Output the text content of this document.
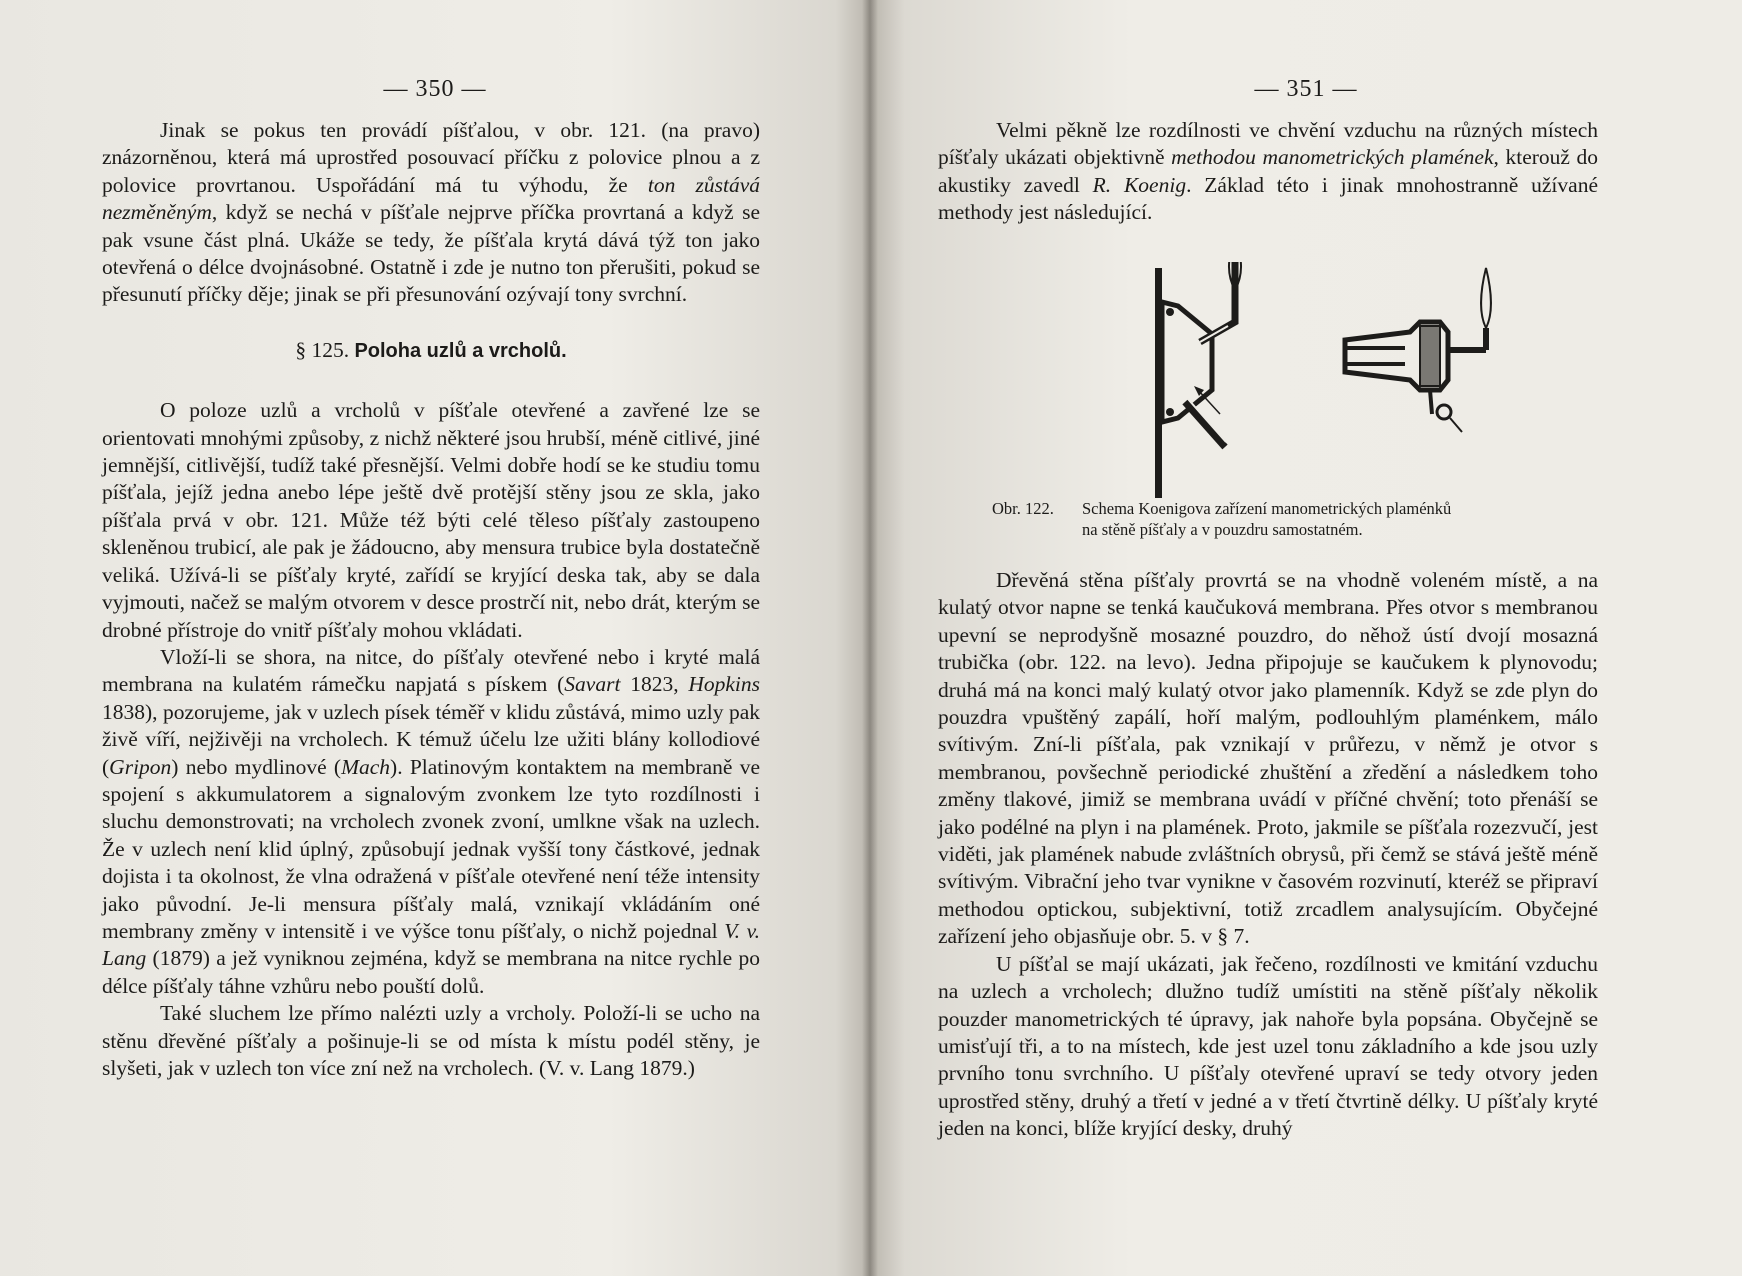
— 350 —

Jinak se pokus ten provádí píšťalou, v obr. 121. (na pravo) znázorněnou, která má uprostřed posouvací příčku z polovice plnou a z polovice provrtanou. Uspořádání má tu výhodu, že ton zůstává nezměněným, když se nechá v píšťale nejprve příčka provrtaná a když se pak vsune část plná. Ukáže se tedy, že píšťala krytá dává týž ton jako otevřená o délce dvojnásobné. Ostatně i zde je nutno ton přerušiti, pokud se přesunutí příčky děje; jinak se při přesunování ozývají tony svrchní.

§ 125. Poloha uzlů a vrcholů.

O poloze uzlů a vrcholů v píšťale otevřené a zavřené lze se orientovati mnohými způsoby, z nichž některé jsou hrubší, méně citlivé, jiné jemnější, citlivější, tudíž také přesnější. Velmi dobře hodí se ke studiu tomu píšťala, jejíž jedna anebo lépe ještě dvě protější stěny jsou ze skla, jako píšťala prvá v obr. 121. Může též býti celé těleso píšťaly zastoupeno skleněnou trubicí, ale pak je žádoucno, aby mensura trubice byla dostatečně veliká. Užívá-li se píšťaly kryté, zařídí se kryjící deska tak, aby se dala vyjmouti, načež se malým otvorem v desce prostrčí nit, nebo drát, kterým se drobné přístroje do vnitř píšťaly mohou vkládati.

Vloží-li se shora, na nitce, do píšťaly otevřené nebo i kryté malá membrana na kulatém rámečku napjatá s pískem (Savart 1823, Hopkins 1838), pozorujeme, jak v uzlech písek téměř v klidu zůstává, mimo uzly pak živě víří, nejživěji na vrcholech. K témuž účelu lze užiti blány kollodiové (Gripon) nebo mydlinové (Mach). Platinovým kontaktem na membraně ve spojení s akkumulatorem a signalovým zvonkem lze tyto rozdílnosti i sluchu demonstrovati; na vrcholech zvonek zvoní, umlkne však na uzlech. Že v uzlech není klid úplný, způsobují jednak vyšší tony částkové, jednak dojista i ta okolnost, že vlna odražená v píšťale otevřené není téže intensity jako původní. Je-li mensura píšťaly malá, vznikají vkládáním oné membrany změny v intensitě i ve výšce tonu píšťaly, o nichž pojednal V. v. Lang (1879) a jež vyniknou zejména, když se membrana na nitce rychle po délce píšťaly táhne vzhůru nebo pouští dolů.

Také sluchem lze přímo nalézti uzly a vrcholy. Položí-li se ucho na stěnu dřevěné píšťaly a pošinuje-li se od místa k místu podél stěny, je slyšeti, jak v uzlech ton více zní než na vrcholech. (V. v. Lang 1879.)

— 351 —

Velmi pěkně lze rozdílnosti ve chvění vzduchu na různých místech píšťaly ukázati objektivně methodou manometrických plamének, kterouž do akustiky zavedl R. Koenig. Základ této i jinak mnohostranně užívané methody jest následující.

Obr. 122. Schema Koenigova zařízení manometrických plaménků
na stěně píšťaly a v pouzdru samostatném.

Dřevěná stěna píšťaly provrtá se na vhodně voleném místě, a na kulatý otvor napne se tenká kaučuková membrana. Přes otvor s membranou upevní se neprodyšně mosazné pouzdro, do něhož ústí dvojí mosazná trubička (obr. 122. na levo). Jedna připojuje se kaučukem k plynovodu; druhá má na konci malý kulatý otvor jako plamenník. Když se zde plyn do pouzdra vpuštěný zapálí, hoří malým, podlouhlým plaménkem, málo svítivým. Zní-li píšťala, pak vznikají v průřezu, v němž je otvor s membranou, povšechně periodické zhuštění a zředění a následkem toho změny tlakové, jimiž se membrana uvádí v příčné chvění; toto přenáší se jako podélné na plyn i na plamének. Proto, jakmile se píšťala rozezvučí, jest viděti, jak plamének nabude zvláštních obrysů, při čemž se stává ještě méně svítivým. Vibrační jeho tvar vynikne v časovém rozvinutí, kteréž se připraví methodou optickou, subjektivní, totiž zrcadlem analysujícím. Obyčejné zařízení jeho objasňuje obr. 5. v § 7.

U píšťal se mají ukázati, jak řečeno, rozdílnosti ve kmitání vzduchu na uzlech a vrcholech; dlužno tudíž umístiti na stěně píšťaly několik pouzder manometrických té úpravy, jak nahoře byla popsána. Obyčejně se umisťují tři, a to na místech, kde jest uzel tonu základního a kde jsou uzly prvního tonu svrchního. U píšťaly otevřené upraví se tedy otvory jeden uprostřed stěny, druhý a třetí v jedné a v třetí čtvrtině délky. U píšťaly kryté jeden na konci, blíže kryjící desky, druhý
